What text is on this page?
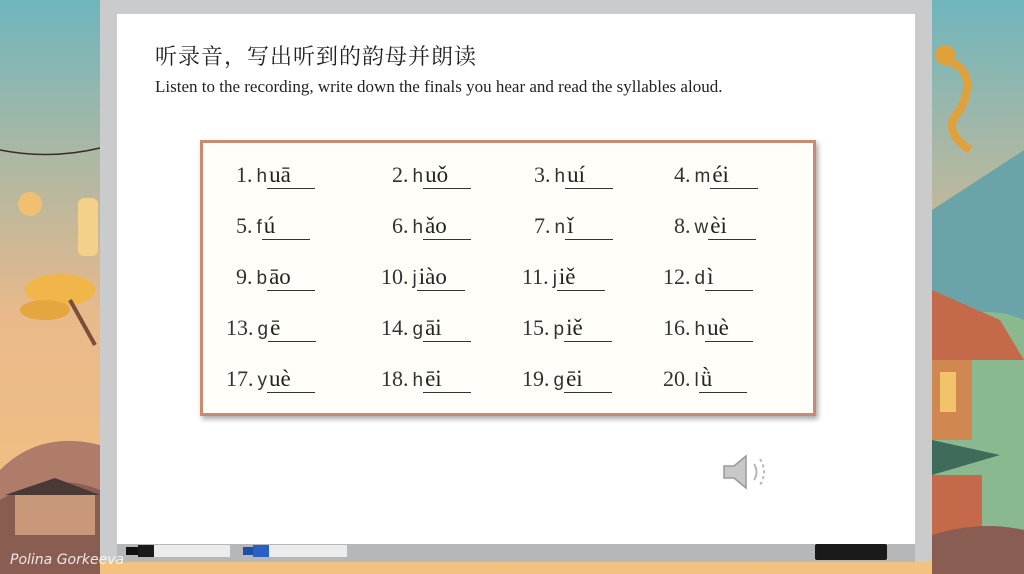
听录音，写出听到的韵母并朗读
Listen to the recording, write down the finals you hear and read the syllables aloud.
1. huā	2. huǒ	3. huí	4. méi
5. fú	6. hǎo	7. nǐ	8. wèi
9. bāo	10. jiào	11. jiě	12. dì
13. gē	14. gāi	15. piě	16. huè
17. yuè	18. hēi	19. gēi	20. lǜ
Polina Gorkeeva
